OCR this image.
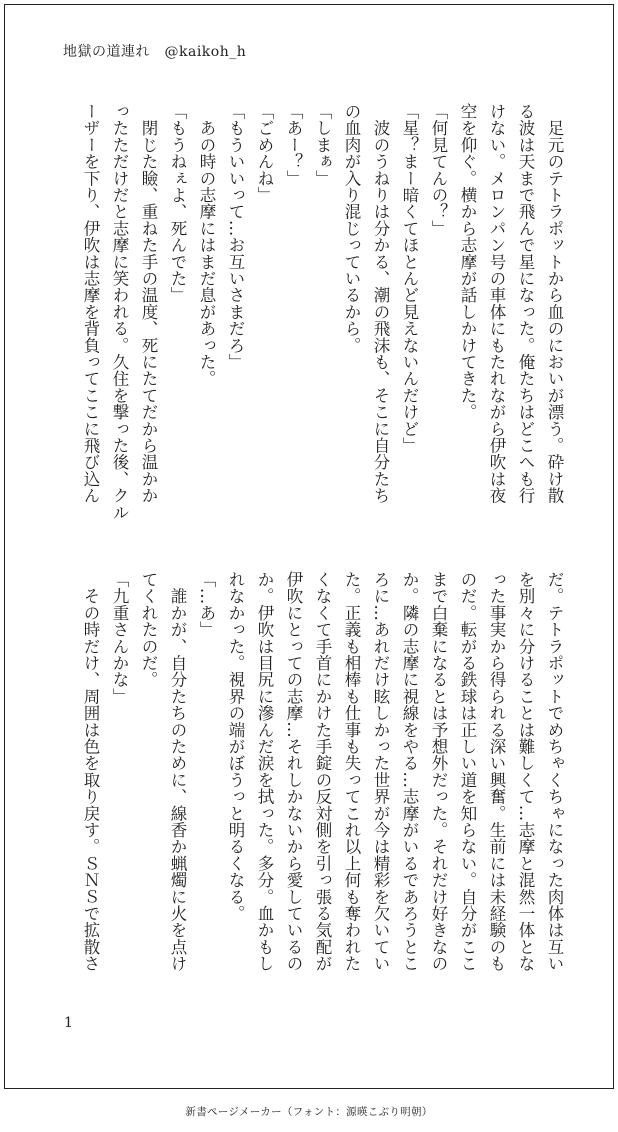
地獄の道連れ　 @kaikoh_h
　足元のテトラポットから血のにおいが漂う。砕け散
る波は天まで飛んで星になった。俺たちはどこへも行
けない。メロンパン号の車体にもたれながら伊吹は夜
空を仰ぐ。横から志摩が話しかけてきた。
「何見てんの？」
「星？まー暗くてほとんど見えないんだけど」
　波のうねりは分かる、潮の飛沫も、そこに自分たち
の血肉が入り混じっているから。
「しまぁ」
「あー？」
「ごめんね」
「もういいって…お互いさまだろ」
　あの時の志摩にはまだ息があった。
「もうねぇよ、死んでた」
　閉じた瞼、重ねた手の温度、死にたてだから温かか
ったただけだと志摩に笑われる。久住を撃った後、クル
ーザーを下り、伊吹は志摩を背負ってここに飛び込ん
だ。テトラポットでめちゃくちゃになった肉体は互い
を別々に分けることは難しくて…志摩と混然一体とな
った事実から得られる深い興奮。生前には未経験のも
のだ。転がる鉄球は正しい道を知らない。自分がここ
まで白棄になるとは予想外だった。それだけ好きなの
か。隣の志摩に視線をやる…志摩がいるであろうとこ
ろに…あれだけ眩しかった世界が今は精彩を欠いてい
た。正義も相棒も仕事も失ってこれ以上何も奪われた
くなくて手首にかけた手錠の反対側を引っ張る気配が
伊吹にとっての志摩…それしかないから愛しているの
か。伊吹は目尻に滲んだ涙を拭った。多分。血かもし
れなかった。視界の端がぼうっと明るくなる。
「…あ」
　誰かが、自分たちのために、線香か蝋燭に火を点け
てくれたのだ。
「九重さんかな」
　その時だけ、周囲は色を取り戻す。ＳＮＳで拡散さ
1
新書ページメーカー（フォント：源暎こぶり明朝）
